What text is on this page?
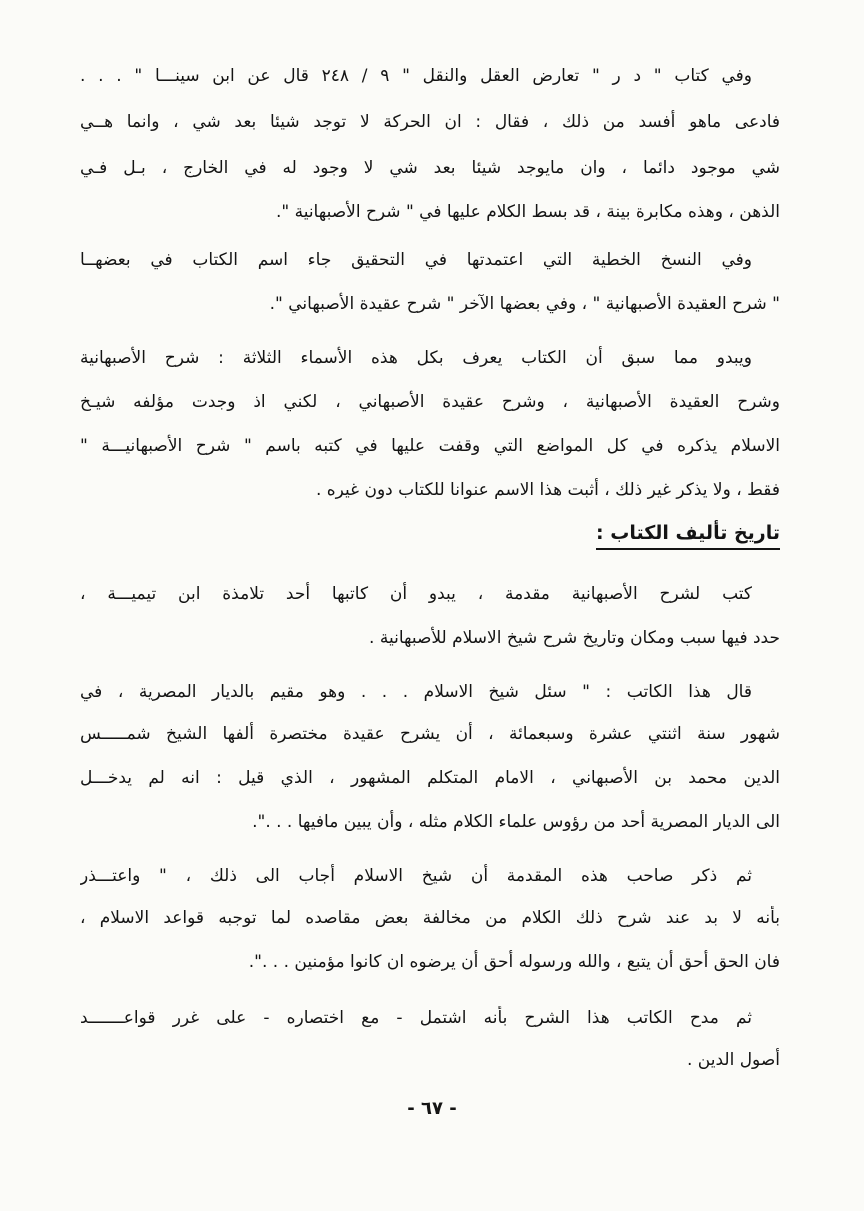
وفي كتاب " د ر " تعارض العقل والنقل " ٩ / ٢٤٨ قال عن ابن سينـــا " . . .
فادعى ماهو أفسد من ذلك ، فقال : ان الحركة لا توجد شيئا بعد شي ، وانما هــي
شي موجود دائما ، وان مايوجد شيئا بعد شي لا وجود له في الخارج ، بـل فـي
الذهن ، وهذه مكابرة بينة ، قد بسط الكلام عليها في " شرح الأصبهانية ".
وفي النسخ الخطية التي اعتمدتها في التحقيق جاء اسم الكتاب في بعضهــا
" شرح العقيدة الأصبهانية " ، وفي بعضها الآخر " شرح عقيدة الأصبهاني ".
ويبدو مما سبق أن الكتاب يعرف بكل هذه الأسماء الثلاثة : شرح الأصبهانية
وشرح العقيدة الأصبهانية ، وشرح عقيدة الأصبهاني ، لكني اذ وجدت مؤلفه شيـخ
الاسلام يذكره في كل المواضع التي وقفت عليها في كتبه باسم " شرح الأصبهانيـــة "
فقط ، ولا يذكر غير ذلك ، أثبت هذا الاسم عنوانا للكتاب دون غيره .
تاريخ تأليف الكتاب :
كتب لشرح الأصبهانية مقدمة ، يبدو أن كاتبها أحد تلامذة ابن تيميـــة ،
حدد فيها سبب ومكان وتاريخ شرح شيخ الاسلام للأصبهانية .
قال هذا الكاتب : " سئل شيخ الاسلام . . . وهو مقيم بالديار المصرية ، في
شهور سنة اثنتي عشرة وسبعمائة ، أن يشرح عقيدة مختصرة ألفها الشيخ شمـــــس
الدين محمد بن الأصبهاني ، الامام المتكلم المشهور ، الذي قيل : انه لم يدخـــل
الى الديار المصرية أحد من رؤوس علماء الكلام مثله ، وأن يبين مافيها . . .".
ثم ذكر صاحب هذه المقدمة أن شيخ الاسلام أجاب الى ذلك ، " واعتـــذر
بأنه لا بد عند شرح ذلك الكلام من مخالفة بعض مقاصده لما توجبه قواعد الاسلام ،
فان الحق أحق أن يتبع ، والله ورسوله أحق أن يرضوه ان كانوا مؤمنين . . .".
ثم مدح الكاتب هذا الشرح بأنه اشتمل - مع اختصاره - على غرر قواعـــــــد
أصول الدين .
- ٦٧ -
